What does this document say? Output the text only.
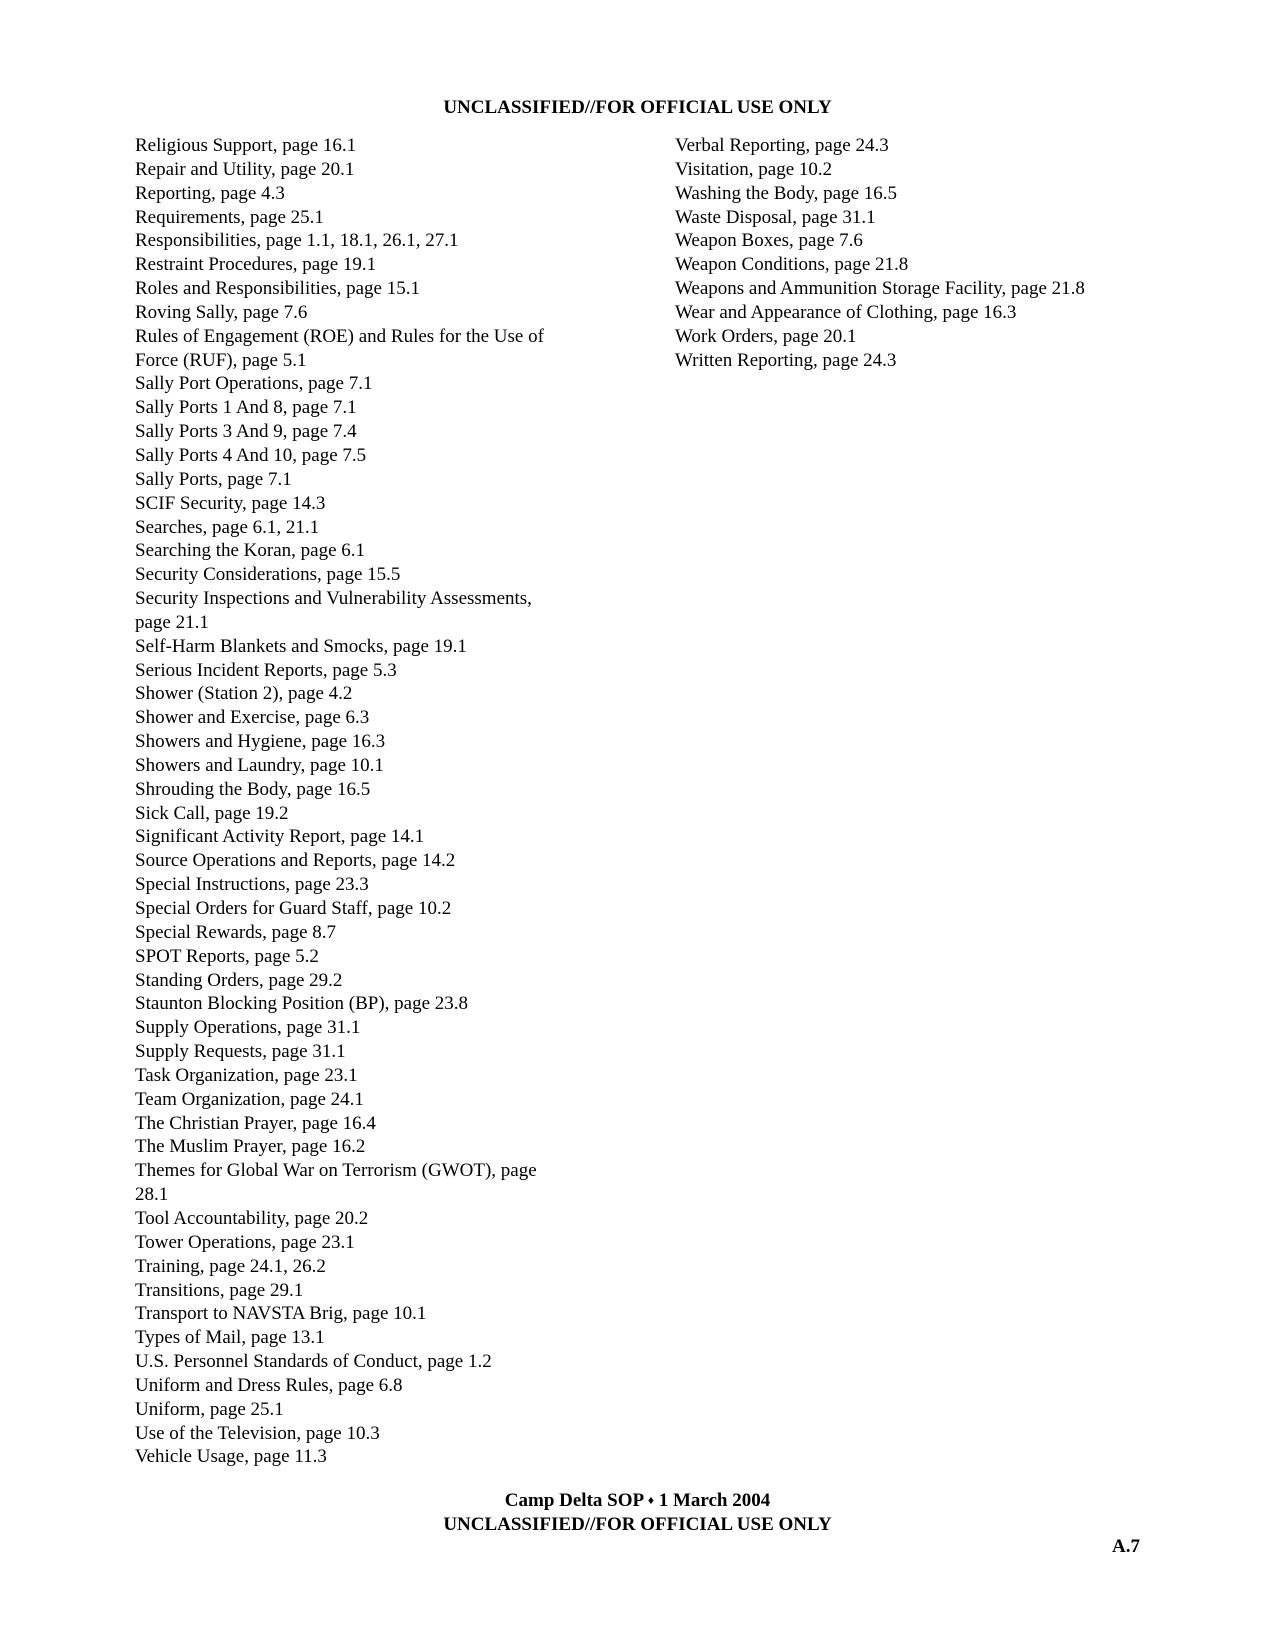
UNCLASSIFIED//FOR OFFICIAL USE ONLY
Religious Support, page 16.1
Repair and Utility, page 20.1
Reporting, page 4.3
Requirements, page 25.1
Responsibilities, page 1.1, 18.1, 26.1, 27.1
Restraint Procedures, page 19.1
Roles and Responsibilities, page 15.1
Roving Sally, page 7.6
Rules of Engagement (ROE) and Rules for the Use of
Force (RUF), page 5.1
Sally Port Operations, page 7.1
Sally Ports 1 And 8, page 7.1
Sally Ports 3 And 9, page 7.4
Sally Ports 4 And 10, page 7.5
Sally Ports, page 7.1
SCIF Security, page 14.3
Searches, page 6.1, 21.1
Searching the Koran, page 6.1
Security Considerations, page 15.5
Security Inspections and Vulnerability Assessments,
page 21.1
Self-Harm Blankets and Smocks, page 19.1
Serious Incident Reports, page 5.3
Shower (Station 2), page 4.2
Shower and Exercise, page 6.3
Showers and Hygiene, page 16.3
Showers and Laundry, page 10.1
Shrouding the Body, page 16.5
Sick Call, page 19.2
Significant Activity Report, page 14.1
Source Operations and Reports, page 14.2
Special Instructions, page 23.3
Special Orders for Guard Staff, page 10.2
Special Rewards, page 8.7
SPOT Reports, page 5.2
Standing Orders, page 29.2
Staunton Blocking Position (BP), page 23.8
Supply Operations, page 31.1
Supply Requests, page 31.1
Task Organization, page 23.1
Team Organization, page 24.1
The Christian Prayer, page 16.4
The Muslim Prayer, page 16.2
Themes for Global War on Terrorism (GWOT), page
28.1
Tool Accountability, page 20.2
Tower Operations, page 23.1
Training, page 24.1, 26.2
Transitions, page 29.1
Transport to NAVSTA Brig, page 10.1
Types of Mail, page 13.1
U.S. Personnel Standards of Conduct, page 1.2
Uniform and Dress Rules, page 6.8
Uniform, page 25.1
Use of the Television, page 10.3
Vehicle Usage, page 11.3
Verbal Reporting, page 24.3
Visitation, page 10.2
Washing the Body, page 16.5
Waste Disposal, page 31.1
Weapon Boxes, page 7.6
Weapon Conditions, page 21.8
Weapons and Ammunition Storage Facility, page 21.8
Wear and Appearance of Clothing, page 16.3
Work Orders, page 20.1
Written Reporting, page 24.3
Camp Delta SOP ♦ 1 March 2004
UNCLASSIFIED//FOR OFFICIAL USE ONLY
A.7
